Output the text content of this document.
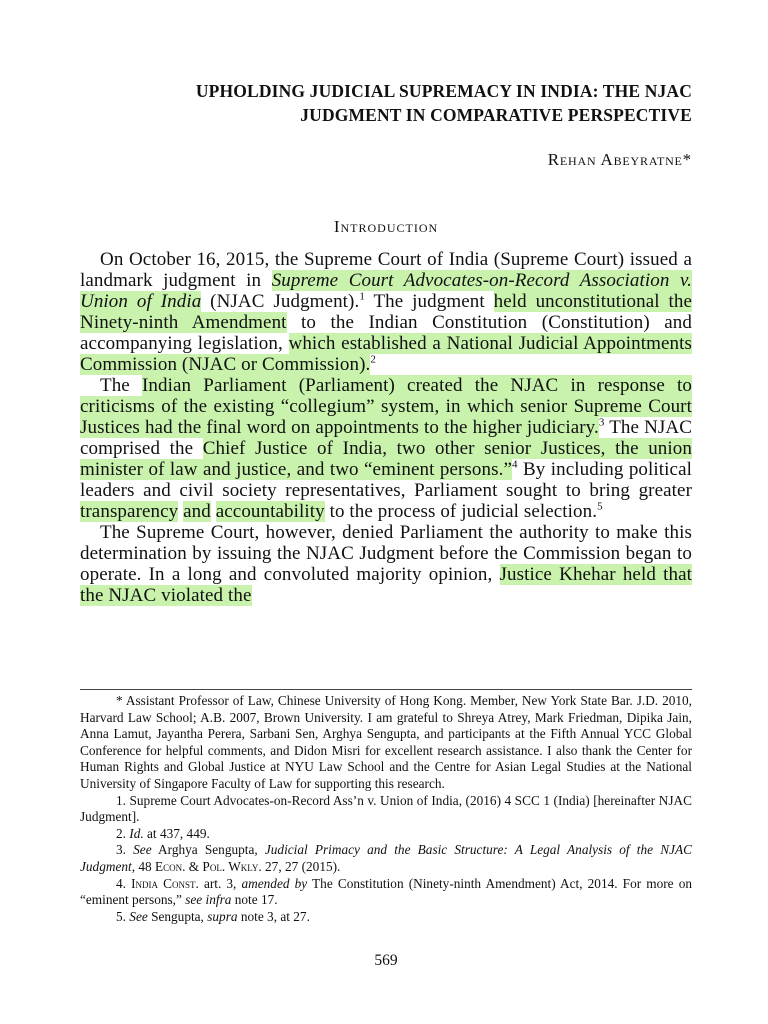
UPHOLDING JUDICIAL SUPREMACY IN INDIA: THE NJAC
JUDGMENT IN COMPARATIVE PERSPECTIVE
Rehan Abeyratne*
Introduction

On October 16, 2015, the Supreme Court of India (Supreme Court) issued a landmark judgment in Supreme Court Advocates-on-Record Association v. Union of India (NJAC Judgment).$^1$ The judgment held unconstitutional the Ninety-ninth Amendment to the Indian Constitution (Constitution) and accompanying legislation, which established a National Judicial Appointments Commission (NJAC or Commission).$^2$

The Indian Parliament (Parliament) created the NJAC in response to criticisms of the existing “collegium” system, in which senior Supreme Court Justices had the final word on appointments to the higher judiciary.$^3$ The NJAC comprised the Chief Justice of India, two other senior Justices, the union minister of law and justice, and two “eminent persons.”$^4$ By including political leaders and civil society representatives, Parliament sought to bring greater transparency and accountability to the process of judicial selection.$^5$

The Supreme Court, however, denied Parliament the authority to make this determination by issuing the NJAC Judgment before the Commission began to operate. In a long and convoluted majority opinion, Justice Khehar held that the NJAC violated the

* Assistant Professor of Law, Chinese University of Hong Kong. Member, New York State Bar. J.D. 2010, Harvard Law School; A.B. 2007, Brown University. I am grateful to Shreya Atrey, Mark Friedman, Dipika Jain, Anna Lamut, Jayantha Perera, Sarbani Sen, Arghya Sengupta, and participants at the Fifth Annual YCC Global Conference for helpful comments, and Didon Misri for excellent research assistance. I also thank the Center for Human Rights and Global Justice at NYU Law School and the Centre for Asian Legal Studies at the National University of Singapore Faculty of Law for supporting this research.

1. Supreme Court Advocates-on-Record Ass’n v. Union of India, (2016) 4 SCC 1 (India) [hereinafter NJAC Judgment].

2. Id. at 437, 449.

3. See Arghya Sengupta, Judicial Primacy and the Basic Structure: A Legal Analysis of the NJAC Judgment, 48 Econ. & Pol. Wkly. 27, 27 (2015).

4. India Const. art. 3, amended by The Constitution (Ninety-ninth Amendment) Act, 2014. For more on “eminent persons,” see infra note 17.

5. See Sengupta, supra note 3, at 27.

569
